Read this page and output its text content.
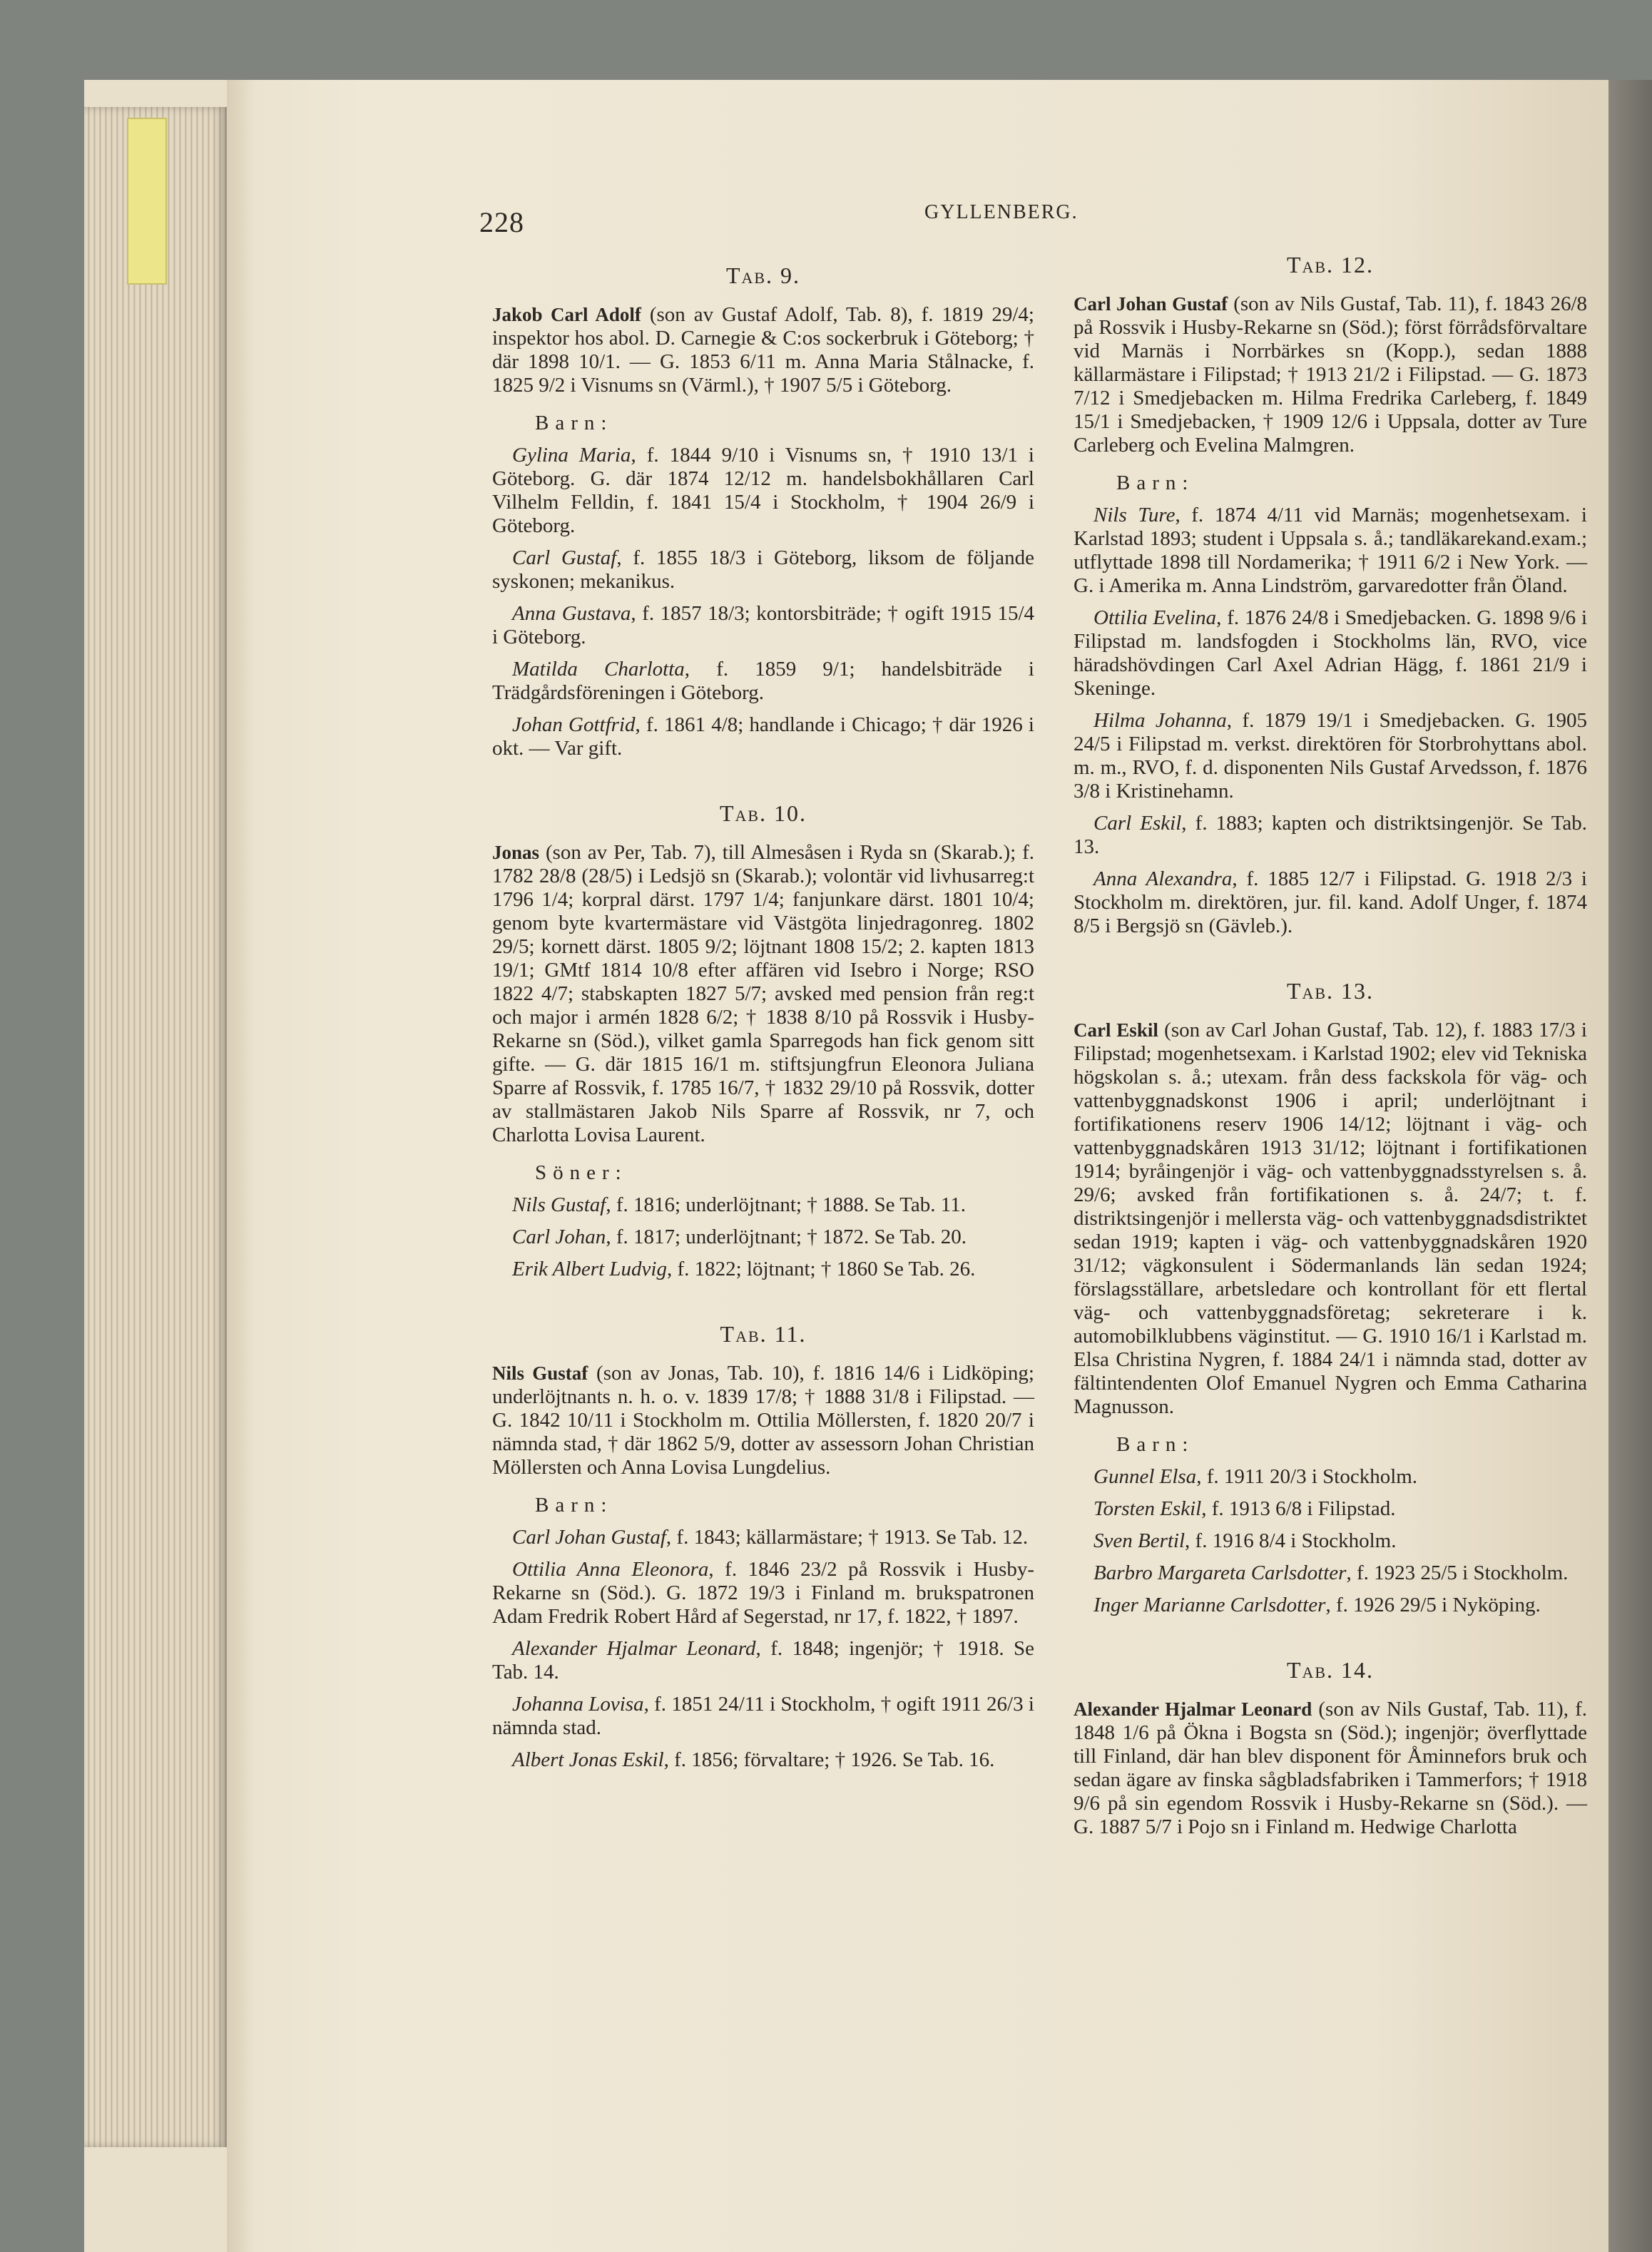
228	GYLLENBERG.
Tab. 9.

Jakob Carl Adolf (son av Gustaf Adolf, Tab. 8), f. 1819 29/4; inspektor hos abol. D. Carnegie & C:os sockerbruk i Göteborg; † där 1898 10/1. — G. 1853 6/11 m. Anna Maria Stålnacke, f. 1825 9/2 i Visnums sn (Värml.), † 1907 5/5 i Göteborg.

Barn:

Gylina Maria, f. 1844 9/10 i Visnums sn, † 1910 13/1 i Göteborg. G. där 1874 12/12 m. handelsbokhållaren Carl Vilhelm Felldin, f. 1841 15/4 i Stockholm, † 1904 26/9 i Göteborg.

Carl Gustaf, f. 1855 18/3 i Göteborg, liksom de följande syskonen; mekanikus.

Anna Gustava, f. 1857 18/3; kontorsbiträde; † ogift 1915 15/4 i Göteborg.

Matilda Charlotta, f. 1859 9/1; handelsbiträde i Trädgårdsföreningen i Göteborg.

Johan Gottfrid, f. 1861 4/8; handlande i Chicago; † där 1926 i okt. — Var gift.

Tab. 10.

Jonas (son av Per, Tab. 7), till Almesåsen i Ryda sn (Skarab.); f. 1782 28/8 (28/5) i Ledsjö sn (Skarab.); volontär vid livhusarreg:t 1796 1/4; korpral därst. 1797 1/4; fanjunkare därst. 1801 10/4; genom byte kvartermästare vid Västgöta linjedragonreg. 1802 29/5; kornett därst. 1805 9/2; löjtnant 1808 15/2; 2. kapten 1813 19/1; GMtf 1814 10/8 efter affären vid Isebro i Norge; RSO 1822 4/7; stabskapten 1827 5/7; avsked med pension från reg:t och major i armén 1828 6/2; † 1838 8/10 på Rossvik i Husby-Rekarne sn (Söd.), vilket gamla Sparregods han fick genom sitt gifte. — G. där 1815 16/1 m. stiftsjungfrun Eleonora Juliana Sparre af Rossvik, f. 1785 16/7, † 1832 29/10 på Rossvik, dotter av stallmästaren Jakob Nils Sparre af Rossvik, nr 7, och Charlotta Lovisa Laurent.

Söner:

Nils Gustaf, f. 1816; underlöjtnant; † 1888. Se Tab. 11.

Carl Johan, f. 1817; underlöjtnant; † 1872. Se Tab. 20.

Erik Albert Ludvig, f. 1822; löjtnant; † 1860 Se Tab. 26.

Tab. 11.

Nils Gustaf (son av Jonas, Tab. 10), f. 1816 14/6 i Lidköping; underlöjtnants n. h. o. v. 1839 17/8; † 1888 31/8 i Filipstad. — G. 1842 10/11 i Stockholm m. Ottilia Möllersten, f. 1820 20/7 i nämnda stad, † där 1862 5/9, dotter av assessorn Johan Christian Möllersten och Anna Lovisa Lungdelius.

Barn:

Carl Johan Gustaf, f. 1843; källarmästare; † 1913. Se Tab. 12.

Ottilia Anna Eleonora, f. 1846 23/2 på Rossvik i Husby-Rekarne sn (Söd.). G. 1872 19/3 i Finland m. brukspatronen Adam Fredrik Robert Hård af Segerstad, nr 17, f. 1822, † 1897.

Alexander Hjalmar Leonard, f. 1848; ingenjör; † 1918. Se Tab. 14.

Johanna Lovisa, f. 1851 24/11 i Stockholm, † ogift 1911 26/3 i nämnda stad.

Albert Jonas Eskil, f. 1856; förvaltare; † 1926. Se Tab. 16.

Tab. 12.

Carl Johan Gustaf (son av Nils Gustaf, Tab. 11), f. 1843 26/8 på Rossvik i Husby-Rekarne sn (Söd.); först förrådsförvaltare vid Marnäs i Norrbärkes sn (Kopp.), sedan 1888 källarmästare i Filipstad; † 1913 21/2 i Filipstad. — G. 1873 7/12 i Smedjebacken m. Hilma Fredrika Carleberg, f. 1849 15/1 i Smedjebacken, † 1909 12/6 i Uppsala, dotter av Ture Carleberg och Evelina Malmgren.

Barn:

Nils Ture, f. 1874 4/11 vid Marnäs; mogenhetsexam. i Karlstad 1893; student i Uppsala s. å.; tandläkarekand.exam.; utflyttade 1898 till Nordamerika; † 1911 6/2 i New York. — G. i Amerika m. Anna Lindström, garvaredotter från Öland.

Ottilia Evelina, f. 1876 24/8 i Smedjebacken. G. 1898 9/6 i Filipstad m. landsfogden i Stockholms län, RVO, vice häradshövdingen Carl Axel Adrian Hägg, f. 1861 21/9 i Skeninge.

Hilma Johanna, f. 1879 19/1 i Smedjebacken. G. 1905 24/5 i Filipstad m. verkst. direktören för Storbrohyttans abol. m. m., RVO, f. d. disponenten Nils Gustaf Arvedsson, f. 1876 3/8 i Kristinehamn.

Carl Eskil, f. 1883; kapten och distriktsingenjör. Se Tab. 13.

Anna Alexandra, f. 1885 12/7 i Filipstad. G. 1918 2/3 i Stockholm m. direktören, jur. fil. kand. Adolf Unger, f. 1874 8/5 i Bergsjö sn (Gävleb.).

Tab. 13.

Carl Eskil (son av Carl Johan Gustaf, Tab. 12), f. 1883 17/3 i Filipstad; mogenhetsexam. i Karlstad 1902; elev vid Tekniska högskolan s. å.; utexam. från dess fackskola för väg- och vattenbyggnadskonst 1906 i april; underlöjtnant i fortifikationens reserv 1906 14/12; löjtnant i väg- och vattenbyggnadskåren 1913 31/12; löjtnant i fortifikationen 1914; byråingenjör i väg- och vattenbyggnadsstyrelsen s. å. 29/6; avsked från fortifikationen s. å. 24/7; t. f. distriktsingenjör i mellersta väg- och vattenbyggnadsdistriktet sedan 1919; kapten i väg- och vattenbyggnadskåren 1920 31/12; vägkonsulent i Södermanlands län sedan 1924; förslagsställare, arbetsledare och kontrollant för ett flertal väg- och vattenbyggnadsföretag; sekreterare i k. automobilklubbens väginstitut. — G. 1910 16/1 i Karlstad m. Elsa Christina Nygren, f. 1884 24/1 i nämnda stad, dotter av fältintendenten Olof Emanuel Nygren och Emma Catharina Magnusson.

Barn:

Gunnel Elsa, f. 1911 20/3 i Stockholm.

Torsten Eskil, f. 1913 6/8 i Filipstad.

Sven Bertil, f. 1916 8/4 i Stockholm.

Barbro Margareta Carlsdotter, f. 1923 25/5 i Stockholm.

Inger Marianne Carlsdotter, f. 1926 29/5 i Nyköping.

Tab. 14.

Alexander Hjalmar Leonard (son av Nils Gustaf, Tab. 11), f. 1848 1/6 på Ökna i Bogsta sn (Söd.); ingenjör; överflyttade till Finland, där han blev disponent för Åminnefors bruk och sedan ägare av finska sågbladsfabriken i Tammerfors; † 1918 9/6 på sin egendom Rossvik i Husby-Rekarne sn (Söd.). — G. 1887 5/7 i Pojo sn i Finland m. Hedwige Charlotta
